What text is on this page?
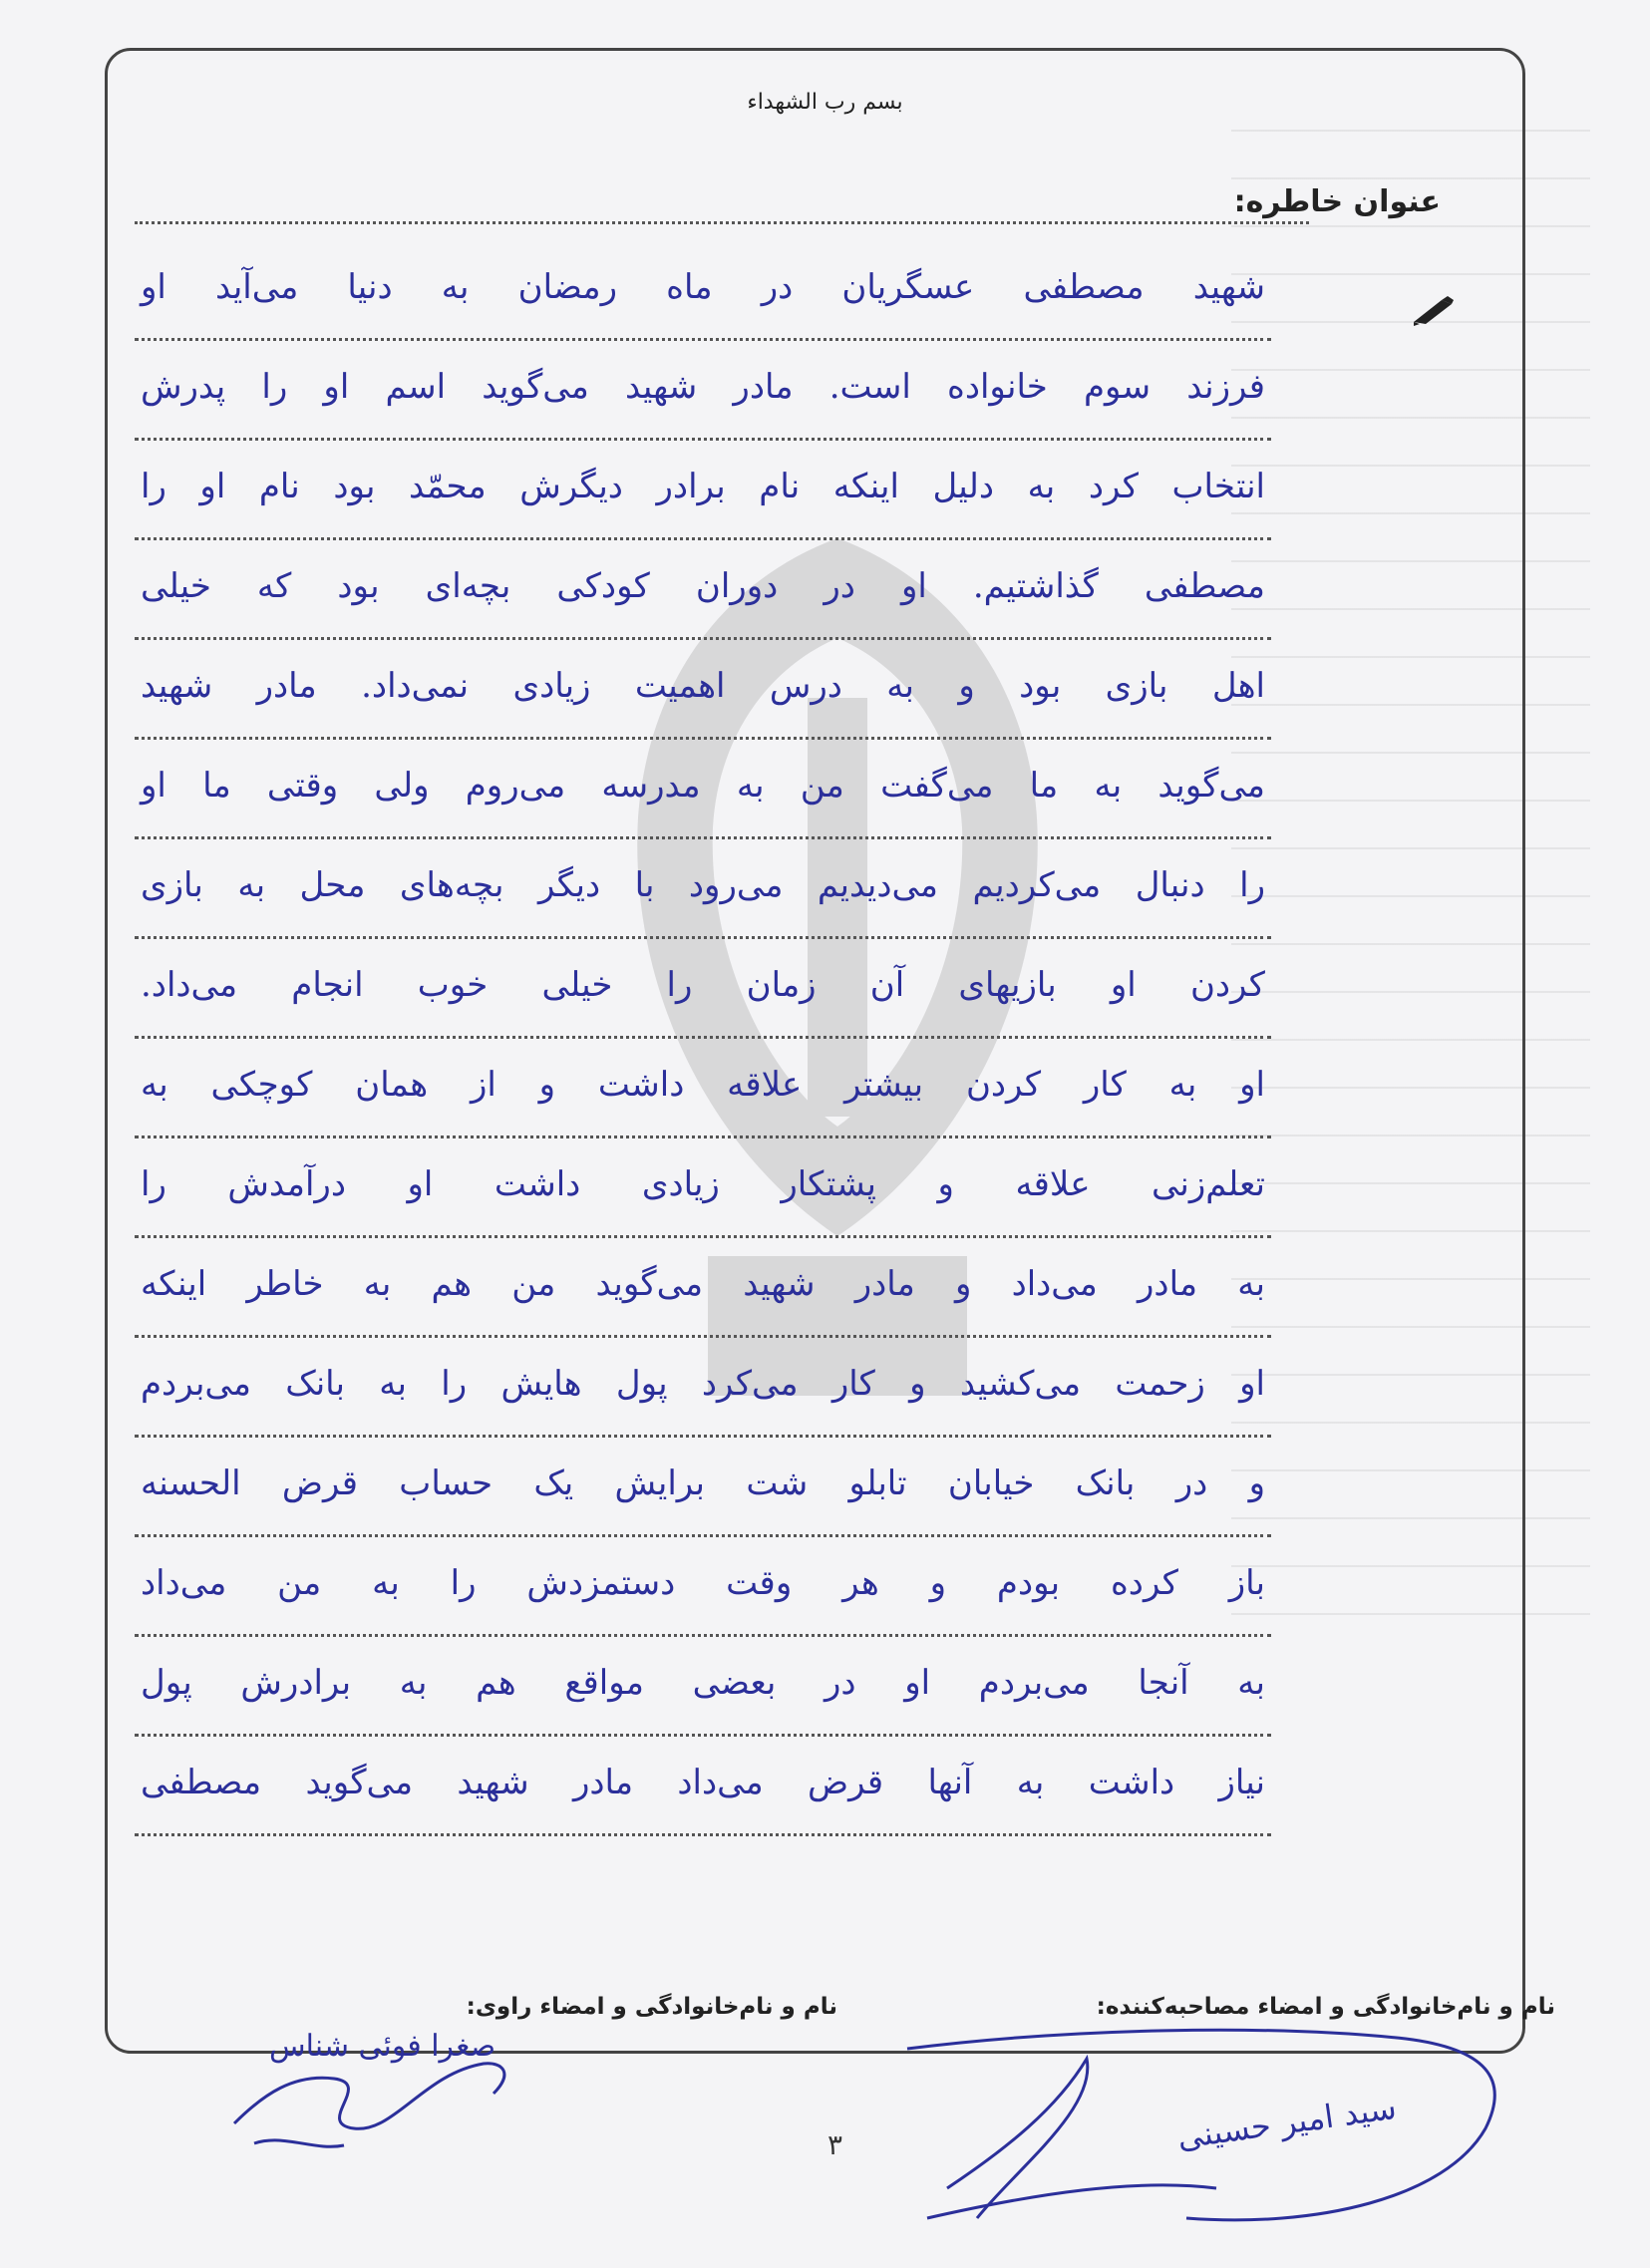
بسم رب الشهداء
عنوان خاطره:
شهید مصطفی عسگریان در ماه رمضان به دنیا می‌آید او
فرزند سوم خانواده است. مادر شهید می‌گوید اسم او را پدرش
انتخاب کرد به دلیل اینکه نام برادر دیگرش محمّد بود نام او را
مصطفی گذاشتیم. او در دوران کودکی بچه‌ای بود که خیلی
اهل بازی بود و به درس اهمیت زیادی نمی‌داد. مادر شهید
می‌گوید به ما می‌گفت من به مدرسه می‌روم ولی وقتی ما او
را دنبال می‌کردیم می‌دیدیم می‌رود با دیگر بچه‌های محل به بازی
کردن او بازیهای آن زمان را خیلی خوب انجام می‌داد.
او به کار کردن بیشتر علاقه داشت و از همان کوچکی به
تعلم‌زنی علاقه و پشتکار زیادی داشت او درآمدش را
به مادر می‌داد و مادر شهید می‌گوید من هم به خاطر اینکه
او زحمت می‌کشید و کار می‌کرد پول هایش را به بانک می‌بردم
و در بانک خیابان تابلو شت برایش یک حساب قرض الحسنه
باز کرده بودم و هر وقت دستمزدش را به من می‌داد
به آنجا می‌بردم او در بعضی مواقع هم به برادرش پول
نیاز داشت به آنها قرض می‌داد مادر شهید می‌گوید مصطفی
نام و نام‌خانوادگی و امضاء مصاحبه‌کننده:
نام و نام‌خانوادگی و امضاء راوی:
صغرا فوئی شناس
سید امیر حسینی
۳
